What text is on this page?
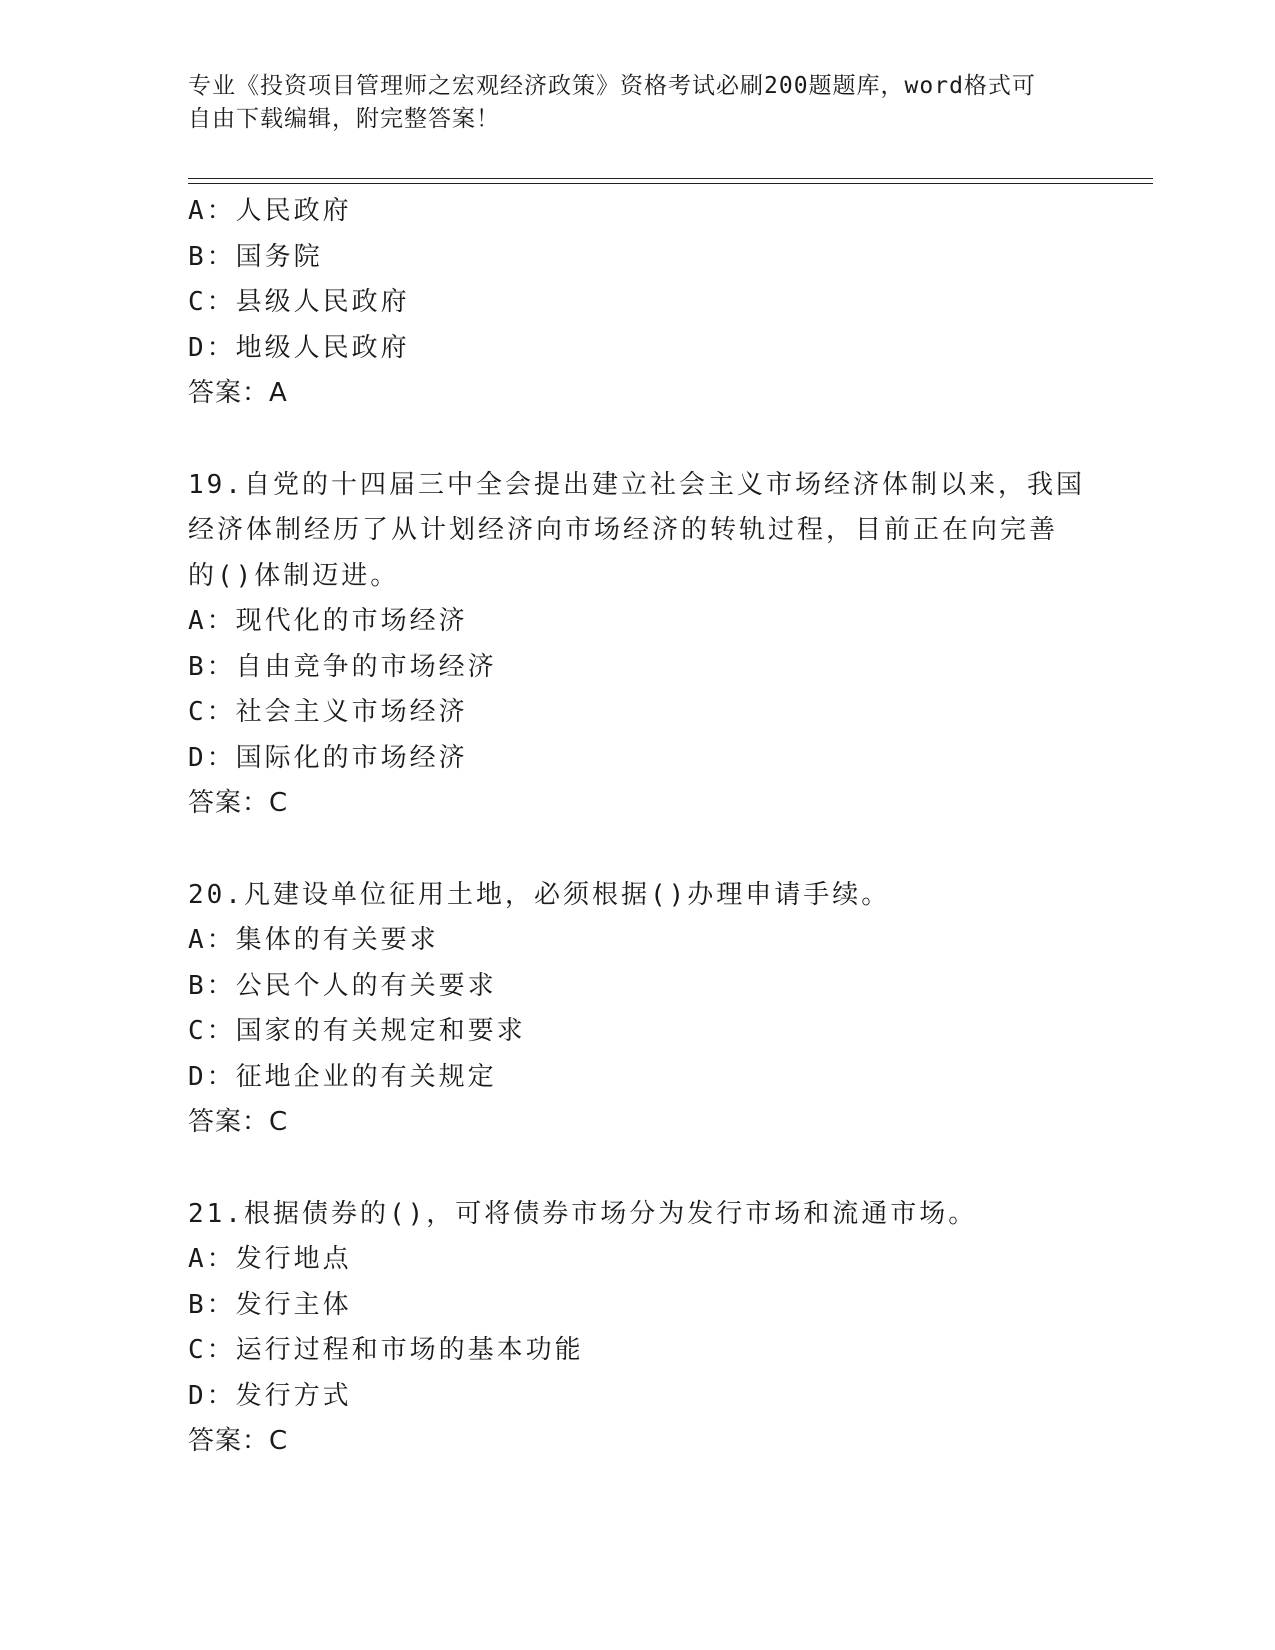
专业《投资项目管理师之宏观经济政策》资格考试必刷200题题库，word格式可
自由下载编辑，附完整答案！
A：人民政府
B：国务院
C：县级人民政府
D：地级人民政府
答案：A
19.自党的十四届三中全会提出建立社会主义市场经济体制以来，我国
经济体制经历了从计划经济向市场经济的转轨过程，目前正在向完善
的()体制迈进。
A：现代化的市场经济
B：自由竞争的市场经济
C：社会主义市场经济
D：国际化的市场经济
答案：C
20.凡建设单位征用土地，必须根据()办理申请手续。
A：集体的有关要求
B：公民个人的有关要求
C：国家的有关规定和要求
D：征地企业的有关规定
答案：C
21.根据债券的()，可将债券市场分为发行市场和流通市场。
A：发行地点
B：发行主体
C：运行过程和市场的基本功能
D：发行方式
答案：C
